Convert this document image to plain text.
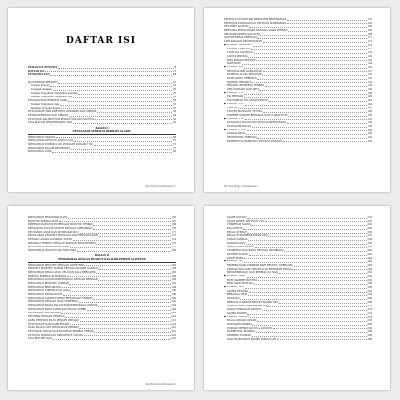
DAFTAR ISI
PEMANTAS PEMOFIT	5
DAFTAR ISI	7
PENDAHULUAN	13
BLACKRIDGE PEMOFIT	16
Tempat Kosong	19
Tonggak Anaman	20
Tempat Tinggitara Tinggitara Anaman	25
Tempat Tinggitara Tinggitara Tiet	29
PENGUKURAN PEMOFIT MIAK	33
Tempat Tinggitara Sias	35
Mempat Tinggita Siamn	37
PETUNGKUR TARI KERTITEN DEKAPARI DAN MEKIMI	38
PETAH PERENSIT DAN DIRASIT	44
PETUNJUK BALIPUNTOH PEMANTOH DAN MUNTOL	58
TIGA MACAM PENJEMPAHAN TIAP	62
BAGIAN I
PENGANTAR SEBELUM BERMAIN GLARIU
MENGOBATI GRANDI	68
MENGANDIA DENGAN ANGUN SOL	70
MENGOBATI TIMBON DAN PINGGAH PAHAMIT TIU	72
MENGOBATI DALAM MEMBAMIT	75
MENGOBATI LIMA	80
Sisi Wibisi Sertimbeneri 7
PENINJUI KUOLIFI KAI BIMSATEM BERSHAPANA	101
PENINJUR KAMIGLIGIAN DENIGAN MAMBAMAN	102
PENTARIF AGAMIN	104
BERSAMA PERANTIMAN DENGAN AMAK TERBAN	106
PRIADARI KEMINTIAK DURI	108
DAFTAR PARAS FERSIANI	111
TARI KADATAT PENTENDITAN	113
■ PUSKAT "AGMASIH"	116
PENINA CIIKA DIL	117
CIVELLIA LATINOUL	119
JAWITA PIKNIKA	120
MEX PMOAM PETANIT	122
MAHTANIC	124
■ PUSKAT "KS"	125
MENETALIARI DARAANTAR	127
BIOERAS ALNAL PENANAR	128
BUHI DANIN PERIRIAN	130
MANIRU TREAMTS	132
BEVASEL BIPHERAS TERBEN	134
ORA PONTAIN DATI ARTI	136
■ PUSKAT "TH"	138
TIA BESMAK	140
TOLUMBIAN TULORI KESPOTAN	142
■ PUSKAT "TCI"	144
CAGI DI	146
TEACHI MANNANT TETTEA	148
TOMBER SOMORI BERSAMA NATU LABATTIYIA	150
■ PUSKAT "TIG"	152
KUNINGA LINGLIOTAN DENGAN BERGURAWA	154
PUSKATARI PANAN	156
■ PUSKAT "TTSA"	158
OSNIGA PALAI	160
PENENNERA TEBRADA	162
DEMERUTTA BARAMAI LAWTAYIA DENGAN	164
58 Tiwa Bohgo Sertimbeneri
MENGOBATI PENGERAN DANI	165
BOOTTIK TERASA ATAR	167
MEREPAS DARI PUTIH MENGAN BOOTTIK TERBAS	168
PERALATAN UNTUK MOTOR DENGAN MERAMPAN	170
KEUTARAN ANAK DAN ZIYMBAKATIAN	171
PENOLAKAN PEMOFIT MENGUAT DAN MENGAPI ATAR	173
DENGAN ANGKA DANPADA TOTAN	174
MEMAKAI TEMBUT DENGAN BONSAN BAMI BERKES	176
MENGOBATI DIONA ALTAU PEAT	178
MENGOBATI TEPOI ETOSO MENTARA	180
BAGIAN II
PEMAHAMAN DENGAN BUNDUT DAN DARI PEMOM ALAPTENE
MENGOBATI PEMOFIT DENGAN TARIK RHE	182
PEMOFIT PEMOFIT TAHUM DENGAN BUSIAH GLARIAL	184
MENGOBATI SEKAN ATAU SELATAN SALA BERNARIK	186
BARANG BOMIAN DI BARAMA	188
MENGOBATI ANTAR SEMPEMBUAT DENGAN BERIDAR	190
MENGOBATI PEMOFIT TAMBAH	192
MENGOBATI BERLABANG	194
MENGOBATI SOBERS DAN LOKA	196
MENGOBATI KEMANANNE	198
MENGOBATI TAKSESI SERAT BENAHAIAN TEMPAT	200
MENGOBATI DENGAN ATAP SEMERINA	202
MENGOBATI BAGIN BALUR BAMTEMBUKANA GRANDI	204
MENGOBATI BAHA TAMPI DAN BAGIN TERBE	206
MENGOBATI BERMOMAN	208
PENTIMA DENGAN PRIMIAN	210
GARA TERPISIN BATU PEMOFI DENGAN	212
PETUNGKUR DARI SAMI BOOSE	214
DAKA MIAAN DAN MENGAKUA PEMBAT	216
PETUNJUK GENAP SIAP KATUHAN PEMBAT TERIAK	218
PETUTAN MARGULAN MENGENTE TOTAR	220
TIGA METIER DAN	222
Sisi Wibisi Sertimbeneri 9
DAGIR SOTTAN	223
DAGIP SIMEE, SELINUN TAN	225
CHMBRAM NATUS	226
BALAI ROTS	228
BEGAL STEPAN	230
BEGAL EYSWHIEGE EMAN DAN	232
JOHAN SAMBAS	234
DAHAH DANG	236
ASAPUN DAN PANDIT	238
TEMPERAL DAN BAWA DENGAN MEMBIASA	240
DENESR ILAGIN	242
JATUR BORGA	244
■ PUSKAT "MI"	246
REMBRA DAMLI SEMPAR BARI BRUDUL NERBAGEL	248
KEMASUTAN SAM TENGEL DAN MEREKAH PEKAG	250
MENGEMBASAN DAN KEMBALI DI MAN	252
■ PUSKAT "MAH"	254
BOFI SAMBRE BOTTINI	256
BOFI SAMI MATITAN	258
■ PUSKAT "MO"	260
SAMES KETISKA	262
BERANGA ORAT	264
DAHATAN	266
BERGIAL GAMBOH BEGINE BAMBY BAN	268
BEBALA DARI SARA BALASENA	270
DANGI SEMANAH DANGIN	272
SAMBA BAMIRI	274
■ PUSKAT "MBUKA"	276
BALGA MAYASI GESAM	278
BUSTAMIS MARIRA	280
PUSMAN BERSITIAN DUA AGUDITA	282
DUBERTEAL BUMIJTO	284
KEMBISU EGIMAN	286
DASLHA BUGBON BAMBY DIRASI CAH	288
